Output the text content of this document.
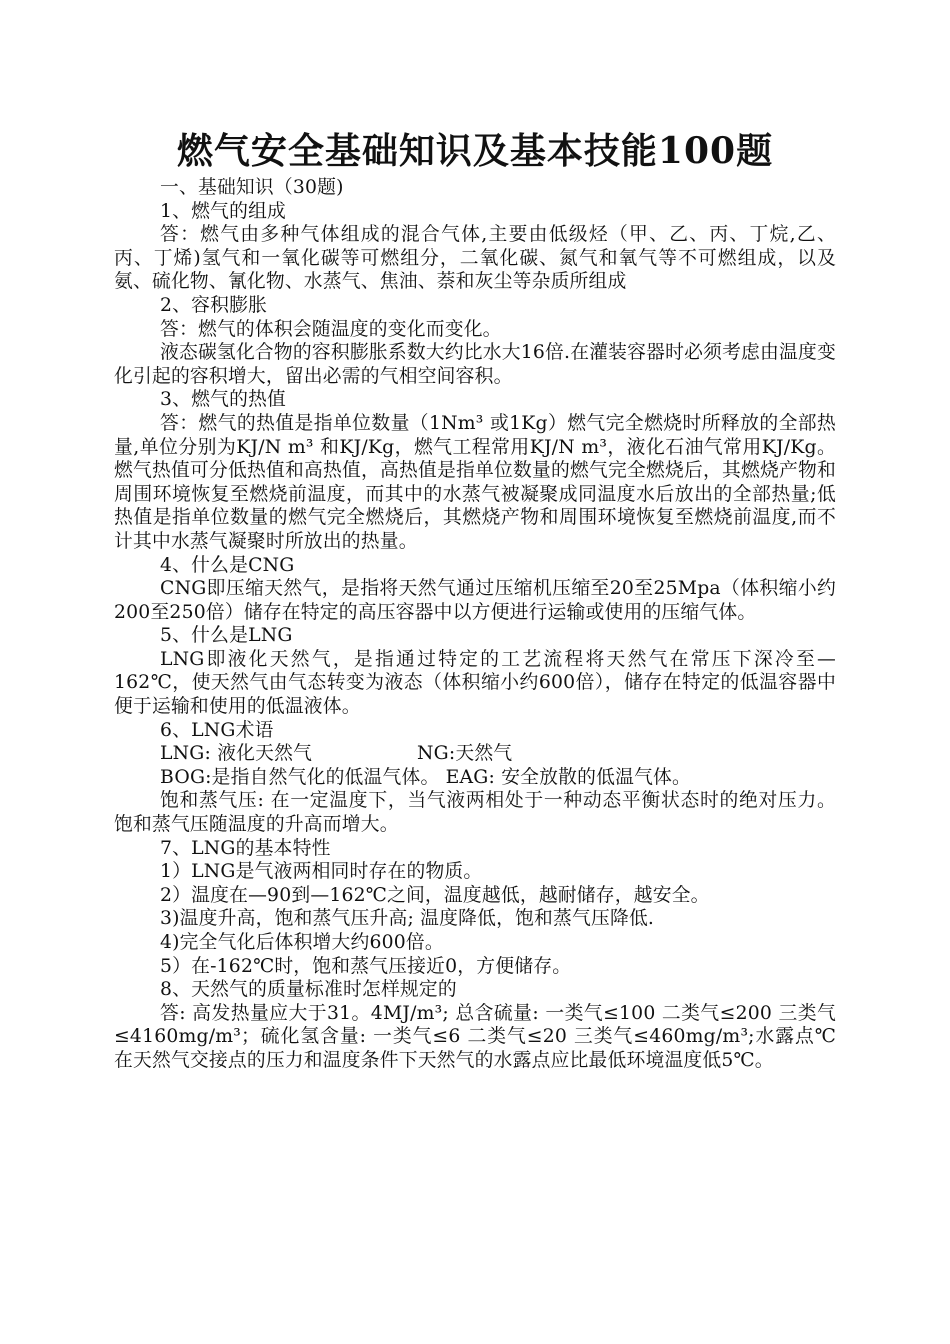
燃气安全基础知识及基本技能100题

一、基础知识（30题)

1、燃气的组成

答：燃气由多种气体组成的混合气体,主要由低级烃（甲、乙、丙、丁烷,乙、丙、丁烯)氢气和一氧化碳等可燃组分，二氧化碳、氮气和氧气等不可燃组成，以及氨、硫化物、氰化物、水蒸气、焦油、萘和灰尘等杂质所组成

2、容积膨胀

答：燃气的体积会随温度的变化而变化。

液态碳氢化合物的容积膨胀系数大约比水大16倍.在灌装容器时必须考虑由温度变化引起的容积增大，留出必需的气相空间容积。

3、燃气的热值

答：燃气的热值是指单位数量（1Nm³ 或1Kg）燃气完全燃烧时所释放的全部热量,单位分别为KJ/N m³ 和KJ/Kg，燃气工程常用KJ/N m³，液化石油气常用KJ/Kg。燃气热值可分低热值和高热值，高热值是指单位数量的燃气完全燃烧后，其燃烧产物和周围环境恢复至燃烧前温度，而其中的水蒸气被凝聚成同温度水后放出的全部热量;低热值是指单位数量的燃气完全燃烧后，其燃烧产物和周围环境恢复至燃烧前温度,而不计其中水蒸气凝聚时所放出的热量。

4、什么是CNG

CNG即压缩天然气，是指将天然气通过压缩机压缩至20至25Mpa（体积缩小约200至250倍）储存在特定的高压容器中以方便进行运输或使用的压缩气体。

5、什么是LNG

LNG即液化天然气，是指通过特定的工艺流程将天然气在常压下深冷至—162℃，使天然气由气态转变为液态（体积缩小约600倍），储存在特定的低温容器中便于运输和使用的低温液体。

6、LNG术语

LNG: 液化天然气                 NG:天然气

BOG:是指自然气化的低温气体。 EAG: 安全放散的低温气体。

饱和蒸气压: 在一定温度下，当气液两相处于一种动态平衡状态时的绝对压力。饱和蒸气压随温度的升高而增大。

7、LNG的基本特性

1）LNG是气液两相同时存在的物质。

2）温度在—90到—162℃之间，温度越低，越耐储存，越安全。

3)温度升高，饱和蒸气压升高; 温度降低，饱和蒸气压降低.

4)完全气化后体积增大约600倍。

5）在-162℃时，饱和蒸气压接近0，方便储存。

8、天然气的质量标准时怎样规定的

答: 高发热量应大于31。4MJ/m³; 总含硫量: 一类气≤100 二类气≤200 三类气≤4160mg/m³；硫化氢含量: 一类气≤6 二类气≤20 三类气≤460mg/m³;水露点℃在天然气交接点的压力和温度条件下天然气的水露点应比最低环境温度低5℃。
